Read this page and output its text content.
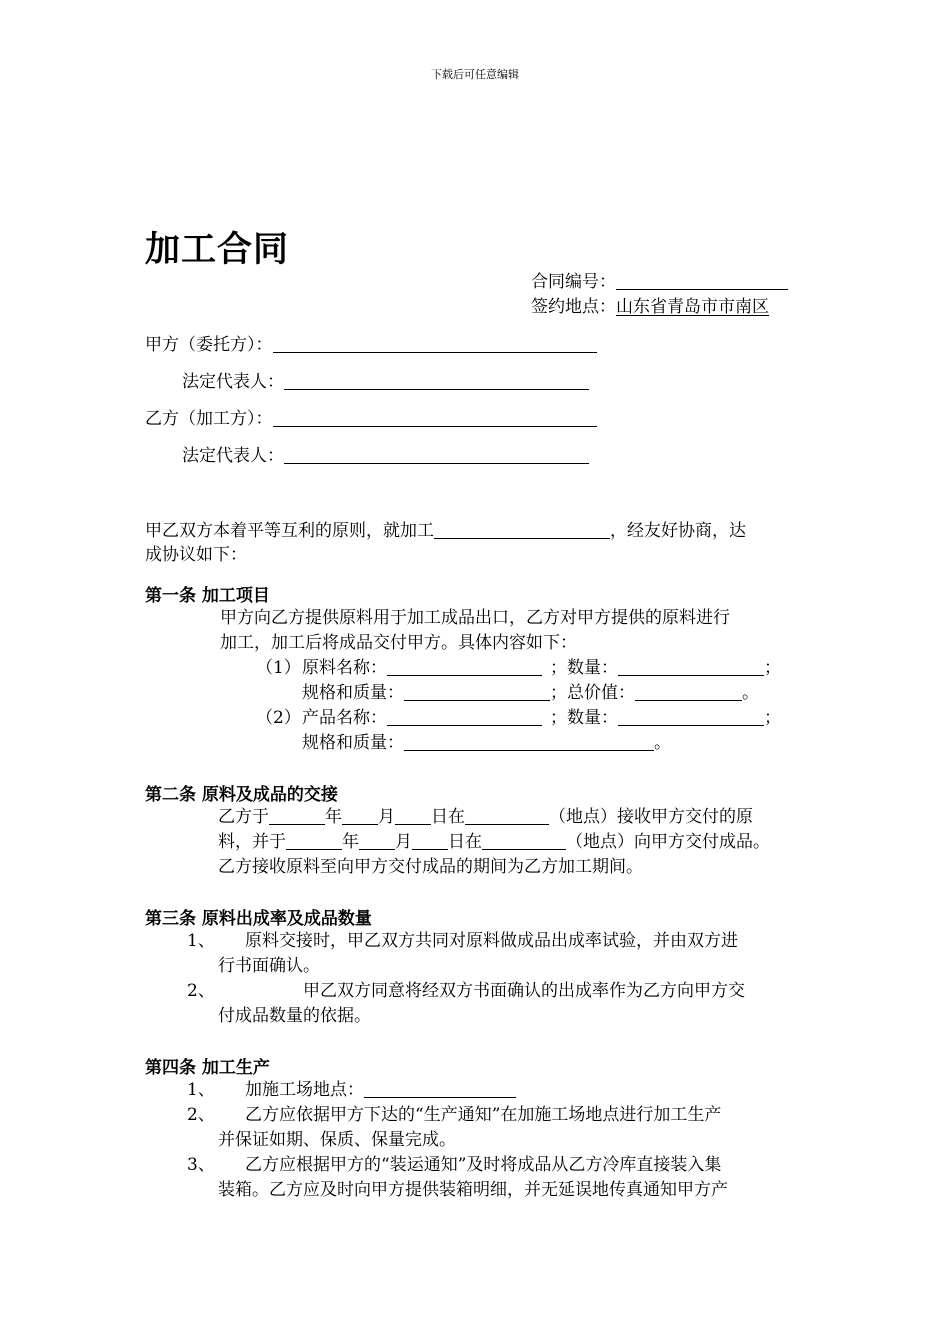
下载后可任意编辑
加工合同
合同编号：
签约地点：山东省青岛市市南区
甲方（委托方）：
法定代表人：
乙方（加工方）：
法定代表人：
甲乙双方本着平等互利的原则，就加工	，经友好协商，达
成协议如下：
第一条 加工项目
甲方向乙方提供原料用于加工成品出口，乙方对甲方提供的原料进行
加工，加工后将成品交付甲方。具体内容如下：
（1） 原料名称：	；数量：	；
规格和质量：	；总价值：	。
（2） 产品名称：	；数量：	；
规格和质量：	。
第二条 原料及成品的交接
乙方于	年 月 日在	（地点）接收甲方交付的原
料，并于	年 月 日在	（地点）向甲方交付成品。
乙方接收原料至向甲方交付成品的期间为乙方加工期间。
第三条 原料出成率及成品数量
1、 原料交接时，甲乙双方共同对原料做成品出成率试验，并由双方进
行书面确认。
2、	甲乙双方同意将经双方书面确认的出成率作为乙方向甲方交
付成品数量的依据。
第四条 加工生产
1、 加施工场地点：
2、 乙方应依据甲方下达的“生产通知”在加施工场地点进行加工生产
并保证如期、保质、保量完成。
3、 乙方应根据甲方的“装运通知”及时将成品从乙方冷库直接装入集
装箱。乙方应及时向甲方提供装箱明细，并无延误地传真通知甲方产
